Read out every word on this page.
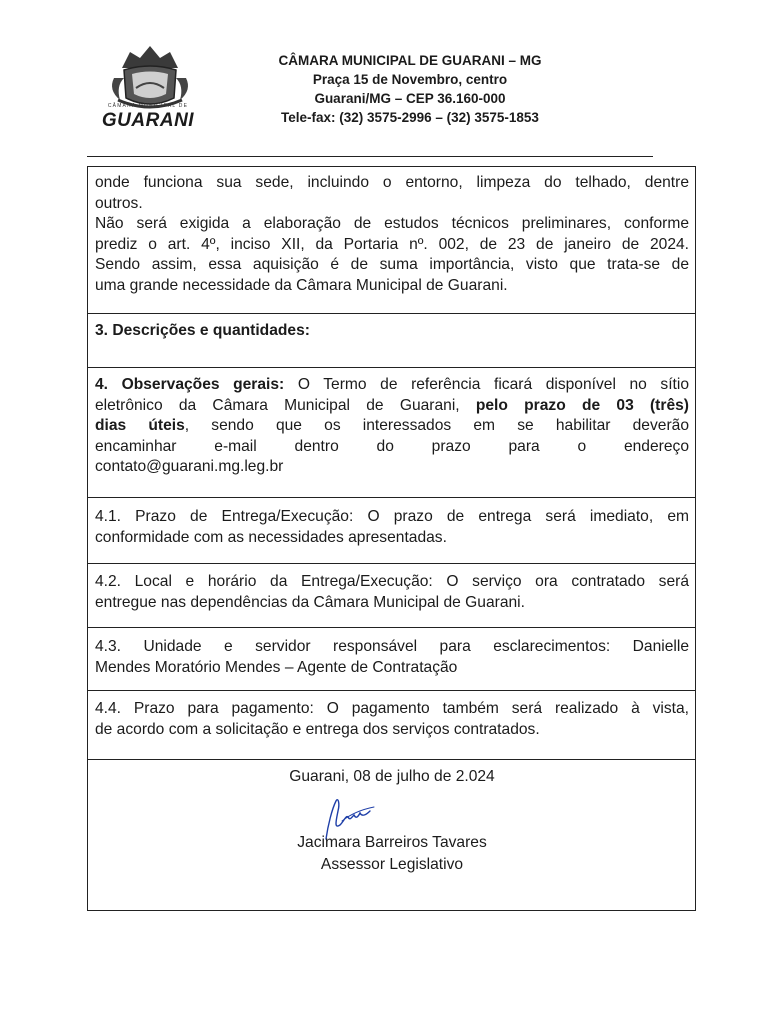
CÂMARA MUNICIPAL DE
GUARANI
CÂMARA MUNICIPAL DE GUARANI – MG
Praça 15 de Novembro, centro
Guarani/MG – CEP 36.160-000
Tele-fax: (32) 3575-2996 – (32) 3575-1853
onde funciona sua sede, incluindo o entorno, limpeza do telhado, dentre
outros.
Não será exigida a elaboração de estudos técnicos preliminares, conforme
prediz o art. 4º, inciso XII, da Portaria nº. 002, de 23 de janeiro de 2024.
Sendo assim, essa aquisição é de suma importância, visto que trata-se de
uma grande necessidade da Câmara Municipal de Guarani.
3. Descrições e quantidades:
4. Observações gerais: O Termo de referência ficará disponível no sítio
eletrônico da Câmara Municipal de Guarani, pelo prazo de 03 (três)
dias úteis, sendo que os interessados em se habilitar deverão
encaminhar e-mail dentro do prazo para o endereço
contato@guarani.mg.leg.br
4.1. Prazo de Entrega/Execução: O prazo de entrega será imediato, em
conformidade com as necessidades apresentadas.
4.2. Local e horário da Entrega/Execução: O serviço ora contratado será
entregue nas dependências da Câmara Municipal de Guarani.
4.3. Unidade e servidor responsável para esclarecimentos: Danielle
Mendes Moratório Mendes – Agente de Contratação
4.4. Prazo para pagamento: O pagamento também será realizado à vista,
de acordo com a solicitação e entrega dos serviços contratados.
Guarani, 08 de julho de 2.024
Jacimara Barreiros Tavares
Assessor Legislativo
